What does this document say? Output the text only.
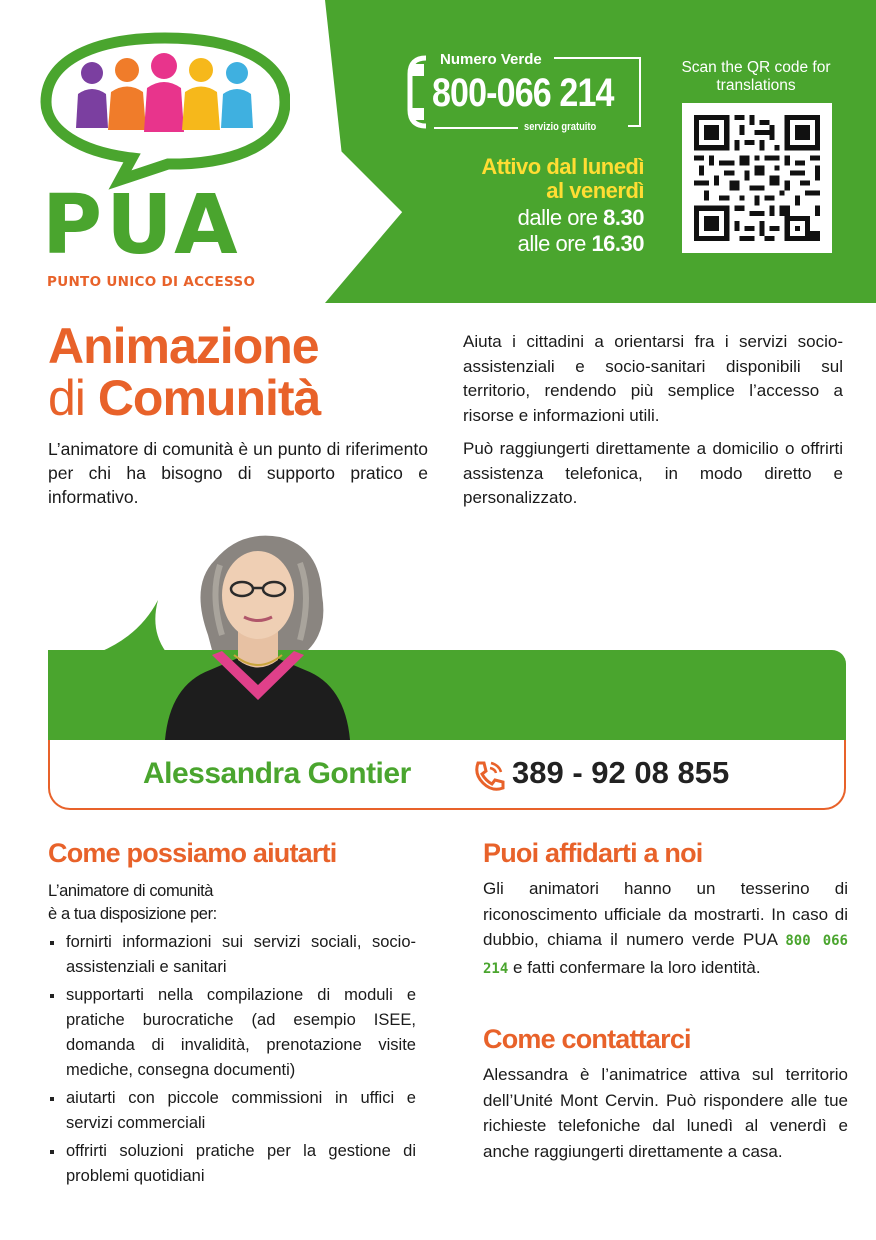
PUA
PUNTO UNICO DI ACCESSO
Numero Verde
800-066 214
servizio gratuito
Attivo dal lunedì
al venerdì
dalle ore 8.30
alle ore 16.30
Scan the QR code for translations
Animazione
di Comunità
L’animatore di comunità è un punto di riferimento per chi ha bisogno di supporto pratico e informativo.

Aiuta i cittadini a orientarsi fra i servizi socio-assistenziali e socio-sanitari disponibili sul territorio, rendendo più semplice l’accesso a risorse e informazioni utili.

Può raggiungerti direttamente a domicilio o offrirti assistenza telefonica, in modo diretto e personalizzato.

Alessandra Gontier	389 - 92 08 855
Come possiamo aiutarti
L’animatore di comunità
è a tua disposizione per:
fornirti informazioni sui servizi sociali, socio-assistenziali e sanitari
supportarti nella compilazione di moduli e pratiche burocratiche (ad esempio ISEE, domanda di invalidità, prenotazione visite mediche, consegna documenti)
aiutarti con piccole commissioni in uffici e servizi commerciali
offrirti soluzioni pratiche per la gestione di problemi quotidiani
Puoi affidarti a noi
Gli animatori hanno un tesserino di riconoscimento ufficiale da mostrarti. In caso di dubbio, chiama il numero verde PUA 800 066 214 e fatti confermare la loro identità.
Come contattarci
Alessandra è l’animatrice attiva sul territorio dell’Unité Mont Cervin. Può rispondere alle tue richieste telefoniche dal lunedì al venerdì e anche raggiungerti direttamente a casa.
